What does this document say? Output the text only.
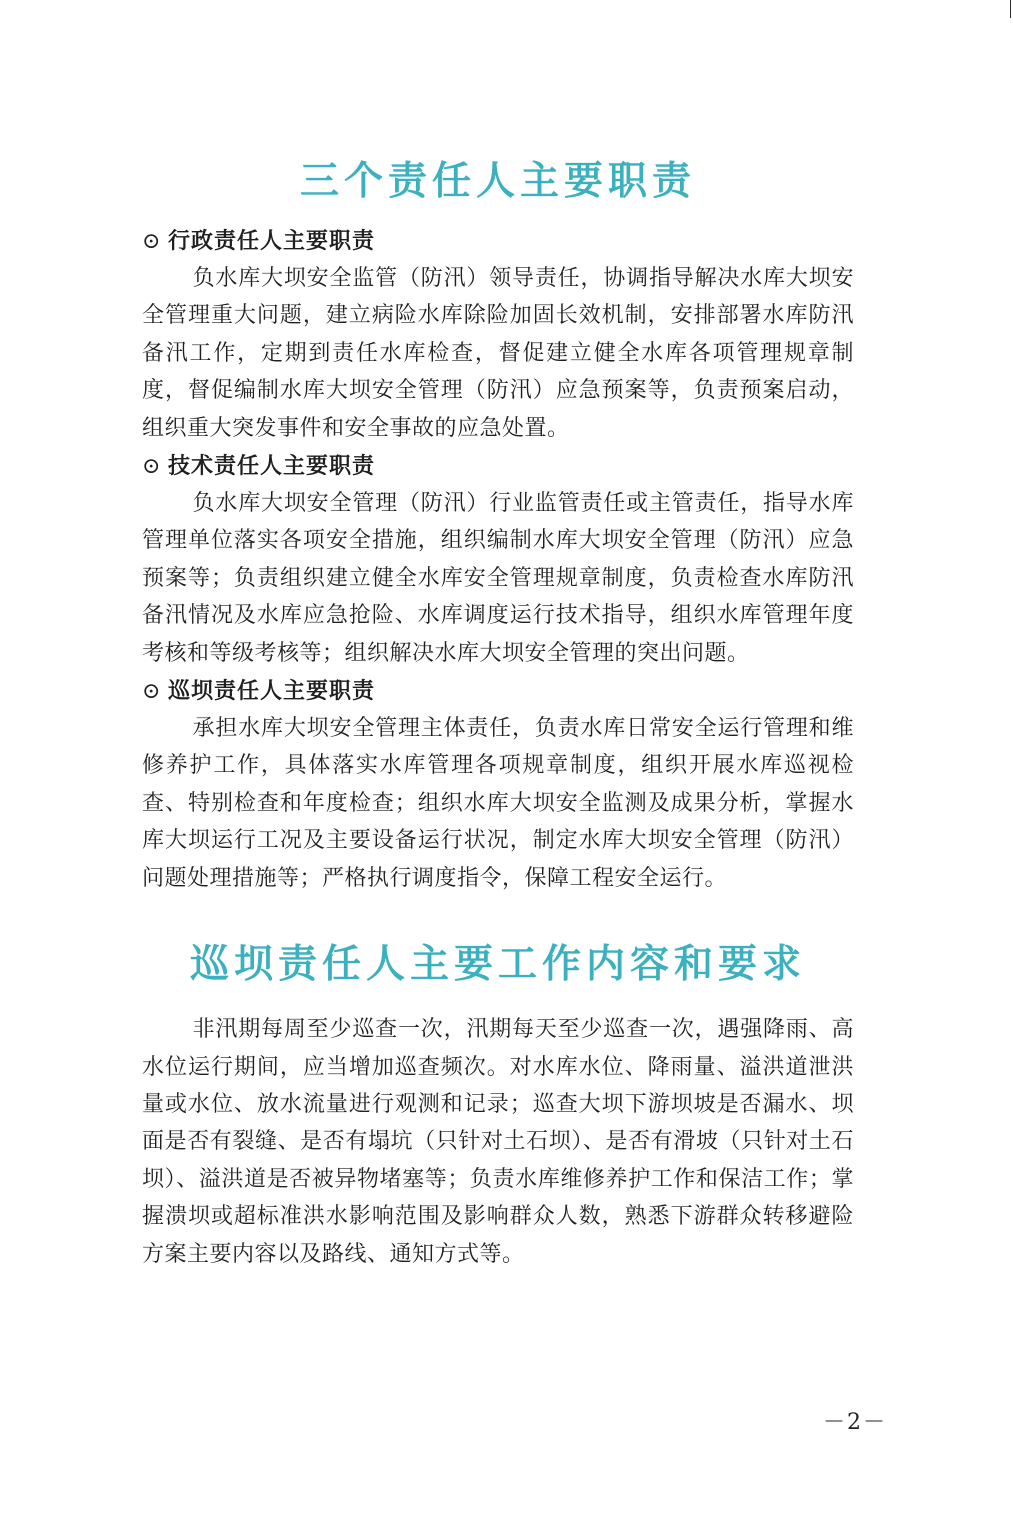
三个责任人主要职责
⊙ 行政责任人主要职责

负水库大坝安全监管（防汛）领导责任，协调指导解决水库大坝安全管理重大问题，建立病险水库除险加固长效机制，安排部署水库防汛备汛工作，定期到责任水库检查，督促建立健全水库各项管理规章制度，督促编制水库大坝安全管理（防汛）应急预案等，负责预案启动，组织重大突发事件和安全事故的应急处置。

⊙ 技术责任人主要职责

负水库大坝安全管理（防汛）行业监管责任或主管责任，指导水库管理单位落实各项安全措施，组织编制水库大坝安全管理（防汛）应急预案等；负责组织建立健全水库安全管理规章制度，负责检查水库防汛备汛情况及水库应急抢险、水库调度运行技术指导，组织水库管理年度考核和等级考核等；组织解决水库大坝安全管理的突出问题。

⊙ 巡坝责任人主要职责

承担水库大坝安全管理主体责任，负责水库日常安全运行管理和维修养护工作，具体落实水库管理各项规章制度，组织开展水库巡视检查、特别检查和年度检查；组织水库大坝安全监测及成果分析，掌握水库大坝运行工况及主要设备运行状况，制定水库大坝安全管理（防汛）问题处理措施等；严格执行调度指令，保障工程安全运行。

巡坝责任人主要工作内容和要求

非汛期每周至少巡查一次，汛期每天至少巡查一次，遇强降雨、高水位运行期间，应当增加巡查频次。对水库水位、降雨量、溢洪道泄洪量或水位、放水流量进行观测和记录；巡查大坝下游坝坡是否漏水、坝面是否有裂缝、是否有塌坑（只针对土石坝）、是否有滑坡（只针对土石坝）、溢洪道是否被异物堵塞等；负责水库维修养护工作和保洁工作；掌握溃坝或超标准洪水影响范围及影响群众人数，熟悉下游群众转移避险方案主要内容以及路线、通知方式等。

－2－
